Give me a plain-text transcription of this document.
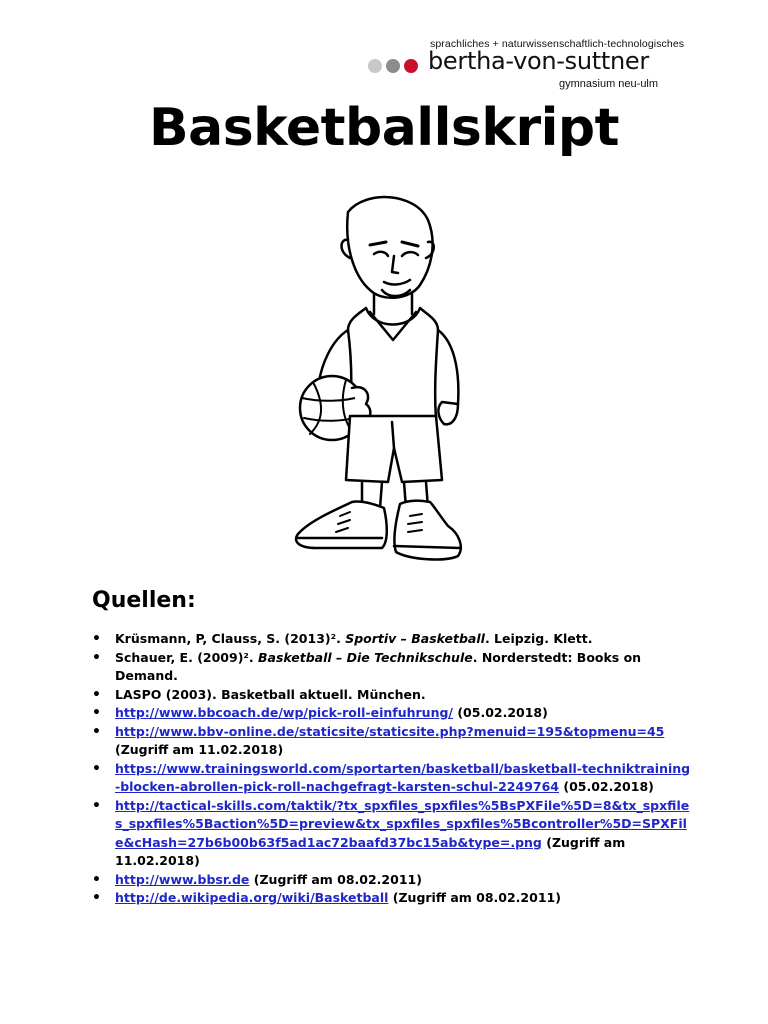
sprachliches + naturwissenschaftlich-technologisches
bertha-von-suttner
gymnasium neu-ulm
Basketballskript
Quellen:
• Krüsmann, P, Clauss, S. (2013)². Sportiv – Basketball. Leipzig. Klett.
• Schauer, E. (2009)². Basketball – Die Technikschule. Norderstedt: Books on Demand.
• LASPO (2003). Basketball aktuell. München.
• http://www.bbcoach.de/wp/pick-roll-einfuhrung/ (05.02.2018)
• http://www.bbv-online.de/staticsite/staticsite.php?menuid=195&topmenu=45 (Zugriff am 11.02.2018)
• https://www.trainingsworld.com/sportarten/basketball/basketball-techniktraining-blocken-abrollen-pick-roll-nachgefragt-karsten-schul-2249764 (05.02.2018)
• http://tactical-skills.com/taktik/?tx_spxfiles_spxfiles%5BsPXFile%5D=8&tx_spxfiles_spxfiles%5Baction%5D=preview&tx_spxfiles_spxfiles%5Bcontroller%5D=SPXFile&cHash=27b6b00b63f5ad1ac72baafd37bc15ab&type=.png (Zugriff am 11.02.2018)
• http://www.bbsr.de (Zugriff am 08.02.2011)
• http://de.wikipedia.org/wiki/Basketball (Zugriff am 08.02.2011)
